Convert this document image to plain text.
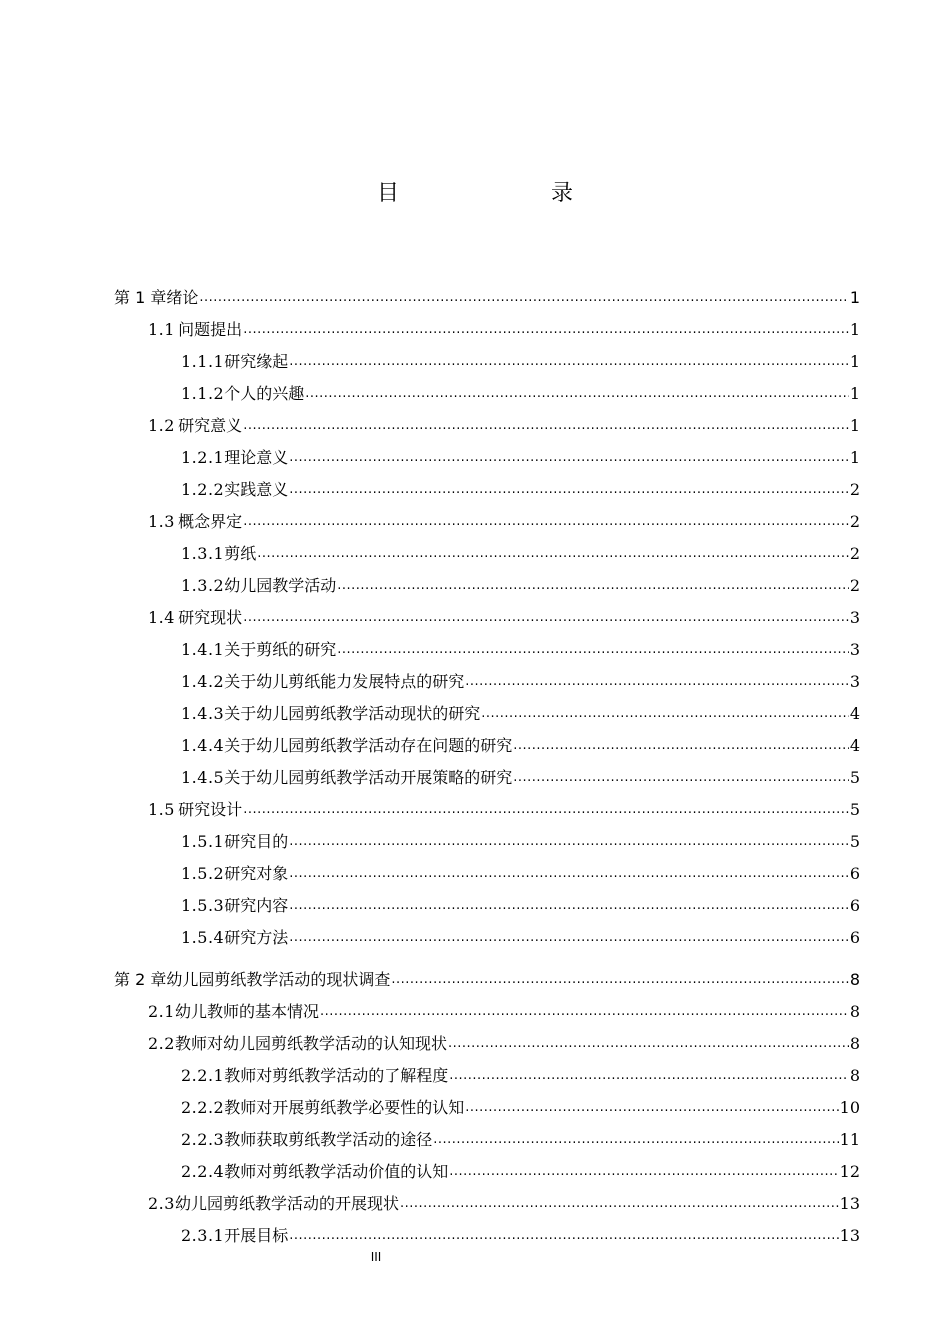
目　　录
第 1 章 绪论 .....	1
1.1 问题提出 .....	1
1.1.1 研究缘起 .....	1
1.1.2 个人的兴趣 .....	1
1.2 研究意义 .....	1
1.2.1 理论意义 .....	1
1.2.2 实践意义 .....	2
1.3 概念界定 .....	2
1.3.1 剪纸 .....	2
1.3.2 幼儿园教学活动 .....	2
1.4 研究现状 .....	3
1.4.1 关于剪纸的研究 .....	3
1.4.2 关于幼儿剪纸能力发展特点的研究 .....	3
1.4.3 关于幼儿园剪纸教学活动现状的研究 .....	4
1.4.4 关于幼儿园剪纸教学活动存在问题的研究 .....	4
1.4.5 关于幼儿园剪纸教学活动开展策略的研究 .....	5
1.5 研究设计 .....	5
1.5.1 研究目的 .....	5
1.5.2 研究对象 .....	6
1.5.3 研究内容 .....	6
1.5.4 研究方法 .....	6
第 2 章 幼儿园剪纸教学活动的现状调查 .....	8
2.1 幼儿教师的基本情况 .....	8
2.2 教师对幼儿园剪纸教学活动的认知现状 .....	8
2.2.1 教师对剪纸教学活动的了解程度 .....	8
2.2.2 教师对开展剪纸教学必要性的认知 .....	10
2.2.3 教师获取剪纸教学活动的途径 .....	11
2.2.4 教师对剪纸教学活动价值的认知 .....	12
2.3 幼儿园剪纸教学活动的开展现状 .....	13
2.3.1 开展目标 .....	13
III
